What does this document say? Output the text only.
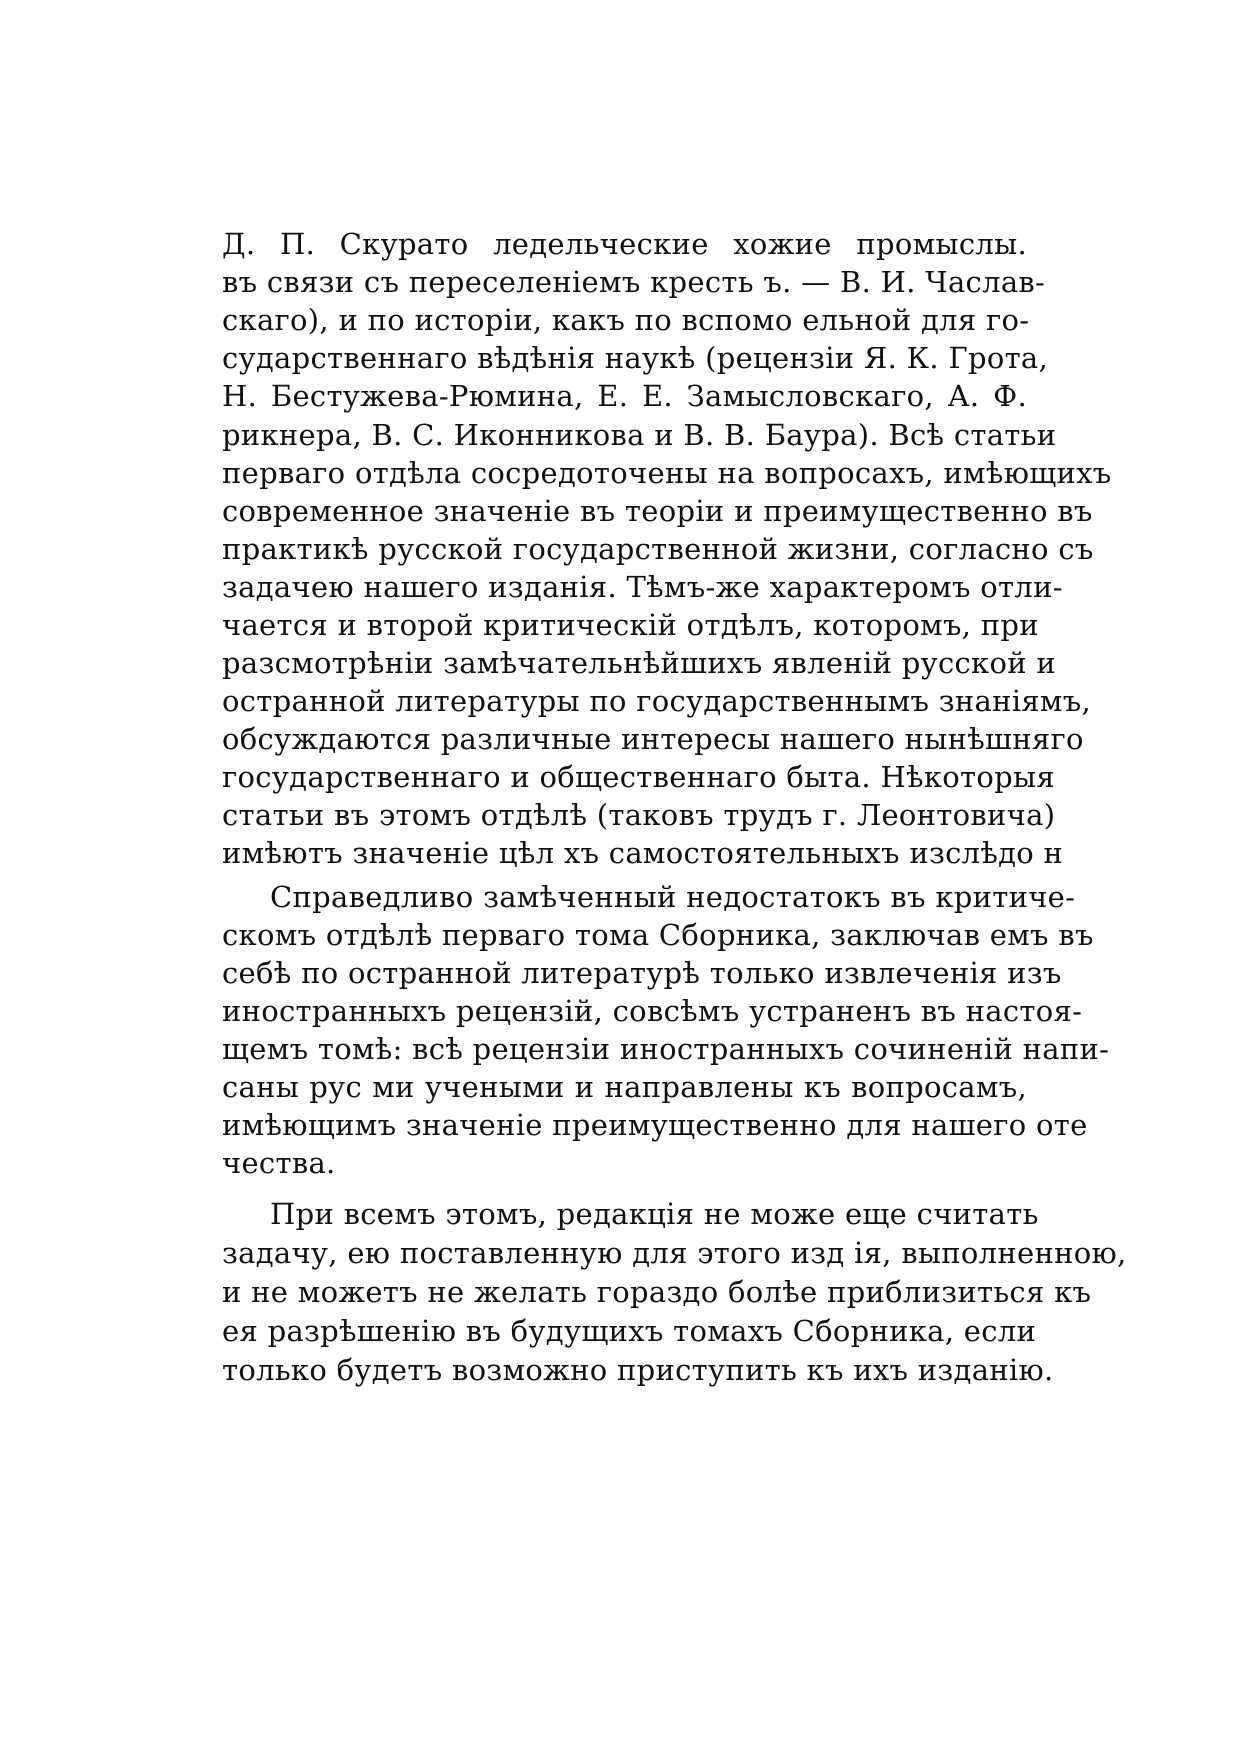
Д. П. Скурато ледельческие хожие промыслы.
въ связи съ переселеніемъ кресть ъ. — В. И. Часлав-
скаго), и по исторіи, какъ по вспомо ельной для го-
сударственнаго вѣдѣнія наукѣ (рецензіи Я. К. Грота,
Н. Бестужева-Рюмина, Е. Е. Замысловскаго, А. Ф.
рикнера, В. С. Иконникова и В. В. Баура). Всѣ статьи
перваго отдѣла сосредоточены на вопросахъ, имѣющихъ
современное значеніе въ теоріи и преимущественно въ
практикѣ русской государственной жизни, согласно съ
задачею нашего изданія. Тѣмъ-же характеромъ отли-
чается и второй критическій отдѣлъ, которомъ, при
разсмотрѣніи замѣчательнѣйшихъ явленій русской и
остранной литературы по государственнымъ знаніямъ,
обсуждаются различные интересы нашего нынѣшняго
государственнаго и общественнаго быта. Нѣкоторыя
статьи въ этомъ отдѣлѣ (таковъ трудъ г. Леонтовича)
имѣютъ значеніе цѣл хъ самостоятельныхъ изслѣдо н
Справедливо замѣченный недостатокъ въ критиче-
скомъ отдѣлѣ перваго тома Сборника, заключав емъ въ
себѣ по остранной литературѣ только извлеченія изъ
иностранныхъ рецензій, совсѣмъ устраненъ въ настоя-
щемъ томѣ: всѣ рецензіи иностранныхъ сочиненій напи-
саны рус ми учеными и направлены къ вопросамъ,
имѣющимъ значеніе преимущественно для нашего оте
чества.
При всемъ этомъ, редакція не може еще считать
задачу, ею поставленную для этого изд ія, выполненною,
и не можетъ не желать гораздо болѣе приблизиться къ
ея разрѣшенію въ будущихъ томахъ Сборника, если
только будетъ возможно приступить къ ихъ изданію.
